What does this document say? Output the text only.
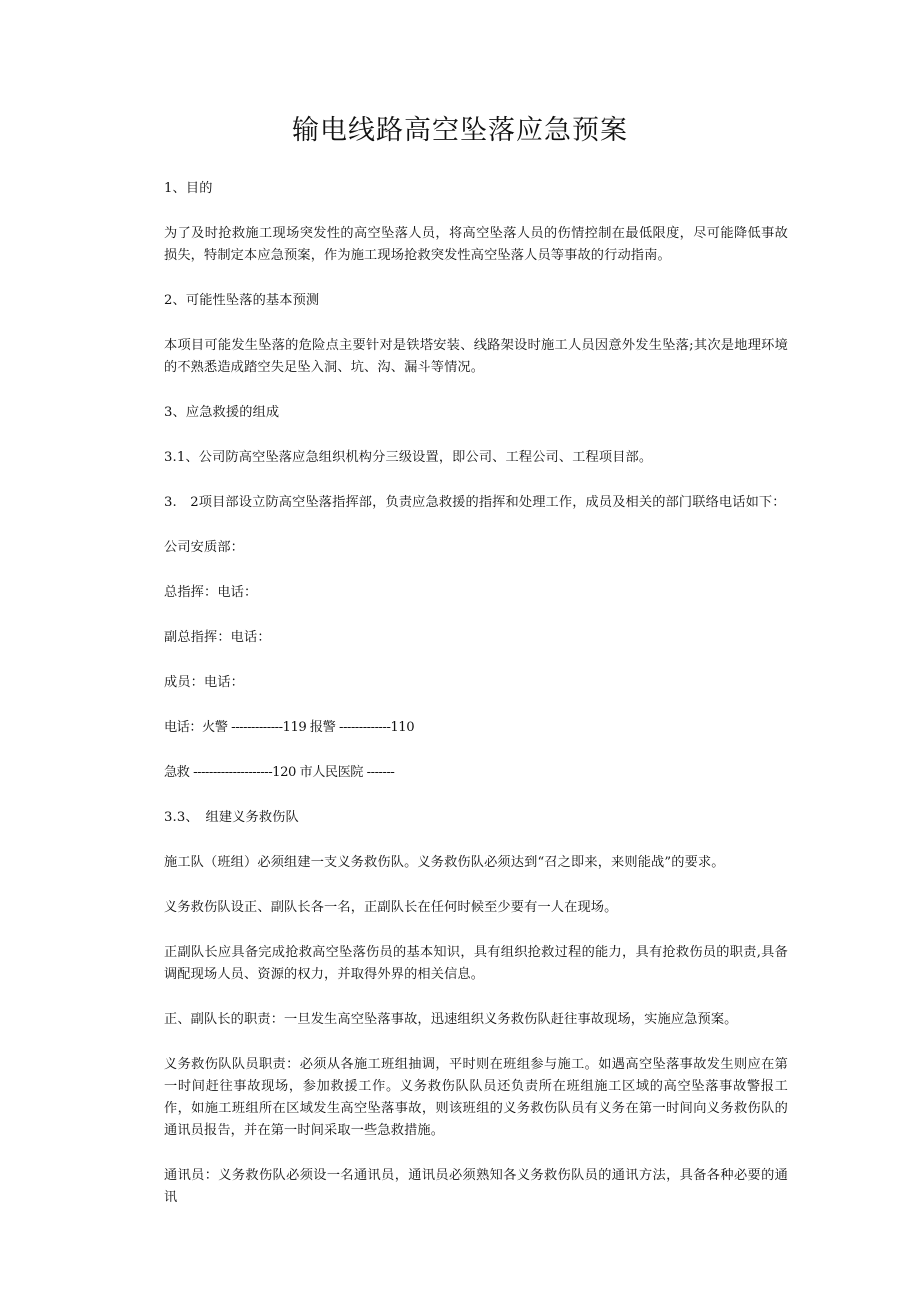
输电线路高空坠落应急预案

1、目的

为了及时抢救施工现场突发性的高空坠落人员，将高空坠落人员的伤情控制在最低限度，尽可能降低事故损失，特制定本应急预案，作为施工现场抢救突发性高空坠落人员等事故的行动指南。

2、可能性坠落的基本预测

本项目可能发生坠落的危险点主要针对是铁塔安装、线路架设时施工人员因意外发生坠落;其次是地理环境的不熟悉造成踏空失足坠入洞、坑、沟、漏斗等情况。

3、应急救援的组成

3.1、公司防高空坠落应急组织机构分三级设置，即公司、工程公司、工程项目部。

3.　2项目部设立防高空坠落指挥部，负责应急救援的指挥和处理工作，成员及相关的部门联络电话如下：

公司安质部：

总指挥：电话：

副总指挥：电话：

成员：电话：

电话：火警 -------------119 报警 -------------110

急救 --------------------120 市人民医院 -------

3.3、　组建义务救伤队

施工队（班组）必须组建一支义务救伤队。义务救伤队必须达到“召之即来，来则能战”的要求。

义务救伤队设正、副队长各一名，正副队长在任何时候至少要有一人在现场。

正副队长应具备完成抢救高空坠落伤员的基本知识，具有组织抢救过程的能力，具有抢救伤员的职责,具备调配现场人员、资源的权力，并取得外界的相关信息。

正、副队长的职责：一旦发生高空坠落事故，迅速组织义务救伤队赶往事故现场，实施应急预案。

义务救伤队队员职责：必须从各施工班组抽调，平时则在班组参与施工。如遇高空坠落事故发生则应在第一时间赶往事故现场，参加救援工作。义务救伤队队员还负责所在班组施工区域的高空坠落事故警报工作，如施工班组所在区域发生高空坠落事故，则该班组的义务救伤队员有义务在第一时间向义务救伤队的通讯员报告，并在第一时间采取一些急救措施。

通讯员：义务救伤队必须设一名通讯员，通讯员必须熟知各义务救伤队员的通讯方法，具备各种必要的通讯
